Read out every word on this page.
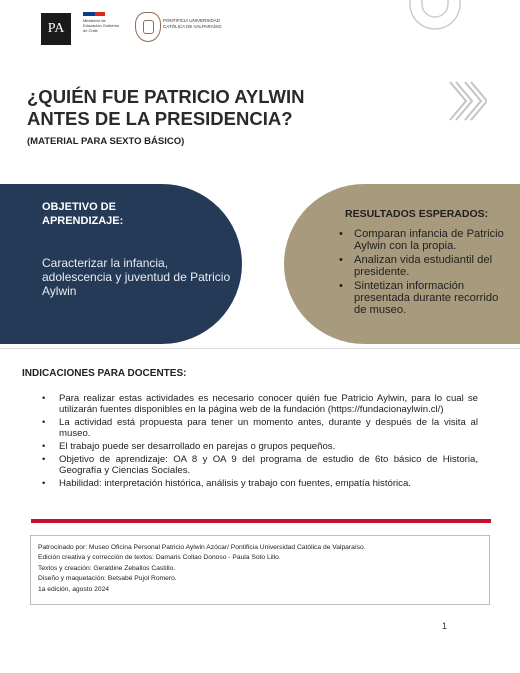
PA
Ministerio de Educación Gobierno de Chile
PONTIFICIA UNIVERSIDAD CATÓLICA DE VALPARAÍSO
¿QUIÉN FUE PATRICIO AYLWIN
ANTES DE LA PRESIDENCIA?
(MATERIAL PARA SEXTO BÁSICO)
OBJETIVO DE
APRENDIZAJE:
Caracterizar la infancia, adolescencia y juventud de Patricio Aylwin
RESULTADOS ESPERADOS:
• Comparan infancia de Patricio Aylwin con la propia.
• Analizan vida estudiantil del presidente.
• Sintetizan información presentada durante recorrido de museo.
INDICACIONES PARA DOCENTES:
• Para realizar estas actividades es necesario conocer quién fue Patricio Aylwin, para lo cual se utilizarán fuentes disponibles en la página web de la fundación (https://fundacionaylwin.cl/)
• La actividad está propuesta para tener un momento antes, durante y después de la visita al museo.
• El trabajo puede ser desarrollado en parejas o grupos pequeños.
• Objetivo de aprendizaje: OA 8 y OA 9 del programa de estudio de 6to básico de Historia, Geografía y Ciencias Sociales.
• Habilidad: interpretación histórica, análisis y trabajo con fuentes, empatía histórica.
Patrocinado por: Museo Oficina Personal Patricio Aylwin Azócar/ Pontificia Universidad Católica de Valparaíso.
Edición creativa y corrección de textos: Damaris Collao Donoso - Paula Soto Lillo.
Textos y creación: Geraldine Zeballos Castillo.
Diseño y maquetación: Betsabé Pujol Romero.
1a edición, agosto 2024
1
